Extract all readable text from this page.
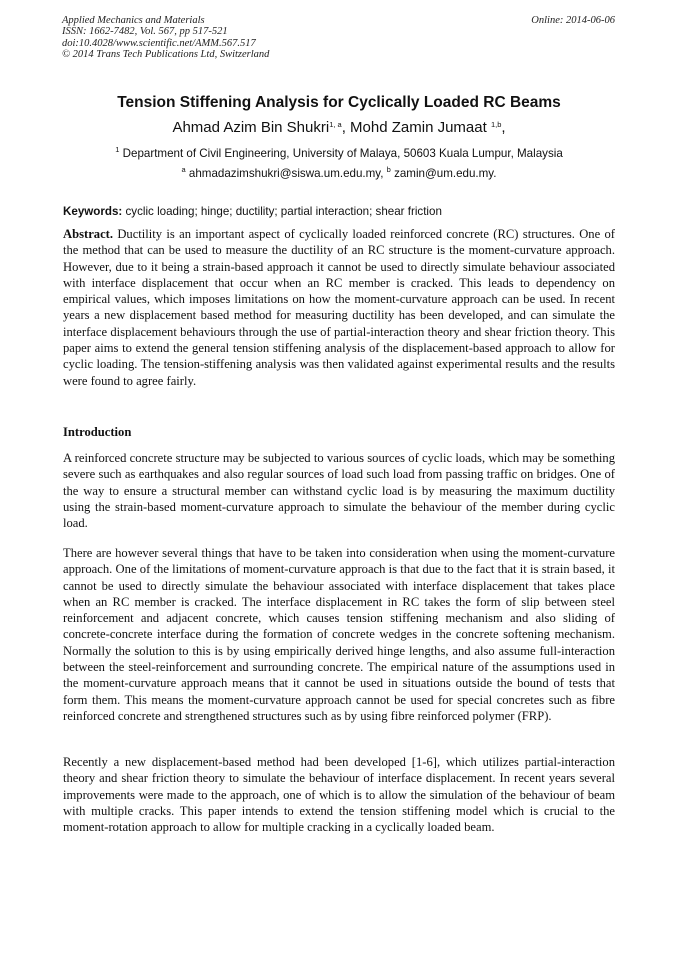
Applied Mechanics and Materials
ISSN: 1662-7482, Vol. 567, pp 517-521
doi:10.4028/www.scientific.net/AMM.567.517
© 2014 Trans Tech Publications Ltd, Switzerland
Online: 2014-06-06
Tension Stiffening Analysis for Cyclically Loaded RC Beams
Ahmad Azim Bin Shukri$^{1, a}$, Mohd Zamin Jumaat $^{1,b}$,
$^1$ Department of Civil Engineering, University of Malaya, 50603 Kuala Lumpur, Malaysia
$^a$ ahmadazimshukri@siswa.um.edu.my, $^b$ zamin@um.edu.my.
Keywords: cyclic loading; hinge; ductility; partial interaction; shear friction

Abstract. Ductility is an important aspect of cyclically loaded reinforced concrete (RC) structures. One of the method that can be used to measure the ductility of an RC structure is the moment-curvature approach. However, due to it being a strain-based approach it cannot be used to directly simulate behaviour associated with interface displacement that occur when an RC member is cracked. This leads to dependency on empirical values, which imposes limitations on how the moment-curvature approach can be used. In recent years a new displacement based method for measuring ductility has been developed, and can simulate the interface displacement behaviours through the use of partial-interaction theory and shear friction theory. This paper aims to extend the general tension stiffening analysis of the displacement-based approach to allow for cyclic loading. The tension-stiffening analysis was then validated against experimental results and the results were found to agree fairly.

Introduction

A reinforced concrete structure may be subjected to various sources of cyclic loads, which may be something severe such as earthquakes and also regular sources of load such load from passing traffic on bridges. One of the way to ensure a structural member can withstand cyclic load is by measuring the maximum ductility using the strain-based moment-curvature approach to simulate the behaviour of the member during cyclic load.

There are however several things that have to be taken into consideration when using the moment-curvature approach. One of the limitations of moment-curvature approach is that due to the fact that it is strain based, it cannot be used to directly simulate the behaviour associated with interface displacement that takes place when an RC member is cracked. The interface displacement in RC takes the form of slip between steel reinforcement and adjacent concrete, which causes tension stiffening mechanism and also sliding of concrete-concrete interface during the formation of concrete wedges in the concrete softening mechanism. Normally the solution to this is by using empirically derived hinge lengths, and also assume full-interaction between the steel-reinforcement and surrounding concrete. The empirical nature of the assumptions used in the moment-curvature approach means that it cannot be used in situations outside the bound of tests that form them. This means the moment-curvature approach cannot be used for special concretes such as fibre reinforced concrete and strengthened structures such as by using fibre reinforced polymer (FRP).

Recently a new displacement-based method had been developed [1-6], which utilizes partial-interaction theory and shear friction theory to simulate the behaviour of interface displacement. In recent years several improvements were made to the approach, one of which is to allow the simulation of the behaviour of beam with multiple cracks. This paper intends to extend the tension stiffening model which is crucial to the moment-rotation approach to allow for multiple cracking in a cyclically loaded beam.
